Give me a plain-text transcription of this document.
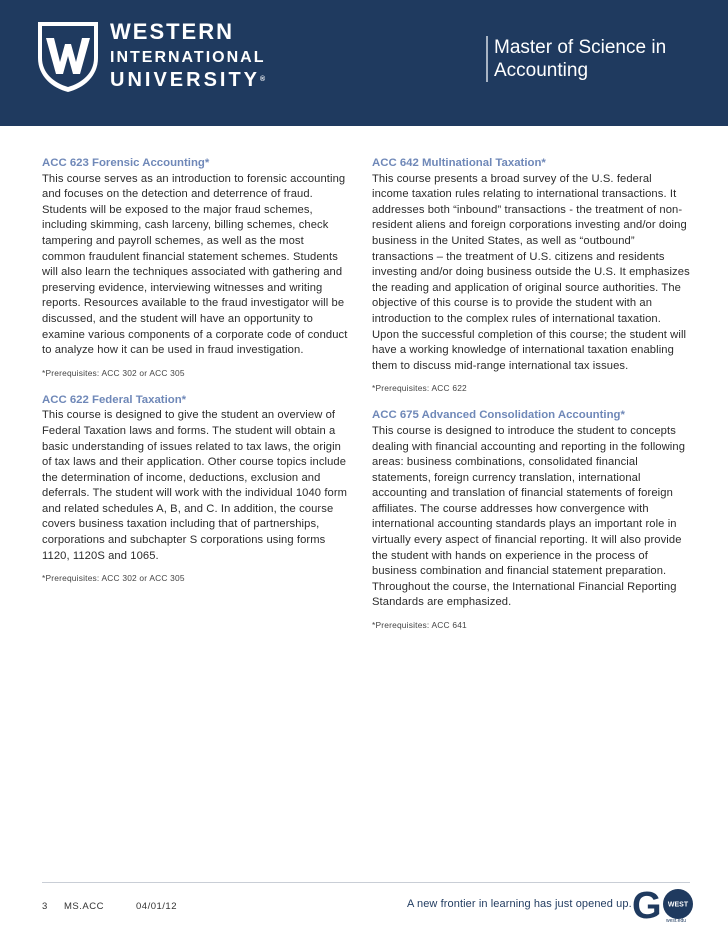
WESTERN
INTERNATIONAL
UNIVERSITY®
Master of Science in
Accounting
ACC 623 Forensic Accounting*
This course serves as an introduction to forensic accounting and focuses on the detection and deterrence of fraud. Students will be exposed to the major fraud schemes, including skimming, cash larceny, billing schemes, check tampering and payroll schemes, as well as the most common fraudulent financial statement schemes. Students will also learn the techniques associated with gathering and preserving evidence, interviewing witnesses and writing reports. Resources available to the fraud investigator will be discussed, and the student will have an opportunity to examine various components of a corporate code of conduct to analyze how it can be used in fraud investigation.
*Prerequisites: ACC 302 or ACC 305
ACC 622 Federal Taxation*
This course is designed to give the student an overview of Federal Taxation laws and forms. The student will obtain a basic understanding of issues related to tax laws, the origin of tax laws and their application. Other course topics include the determination of income, deductions, exclusion and deferrals. The student will work with the individual 1040 form and related schedules A, B, and C. In addition, the course covers business taxation including that of partnerships, corporations and subchapter S corporations using forms 1120, 1120S and 1065.
*Prerequisites: ACC 302 or ACC 305
ACC 642 Multinational Taxation*
This course presents a broad survey of the U.S. federal income taxation rules relating to international transactions. It addresses both “inbound” transactions - the treatment of non-resident aliens and foreign corporations investing and/or doing business in the United States, as well as “outbound” transactions – the treatment of U.S. citizens and residents investing and/or doing business outside the U.S. It emphasizes the reading and application of original source authorities. The objective of this course is to provide the student with an introduction to the complex rules of international taxation. Upon the successful completion of this course; the student will have a working knowledge of international taxation enabling them to discuss mid-range international tax issues.
*Prerequisites: ACC 622
ACC 675 Advanced Consolidation Accounting*
This course is designed to introduce the student to concepts dealing with financial accounting and reporting in the following areas: business combinations, consolidated financial statements, foreign currency translation, international accounting and translation of financial statements of foreign affiliates. The course addresses how convergence with international accounting standards plays an important role in virtually every aspect of financial reporting. It will also provide the student with hands on experience in the process of business combination and financial statement preparation. Throughout the course, the International Financial Reporting Standards are emphasized.
*Prerequisites: ACC 641
3 MS.ACC	04/01/12	A new frontier in learning has just opened up. G WEST
west.edu
